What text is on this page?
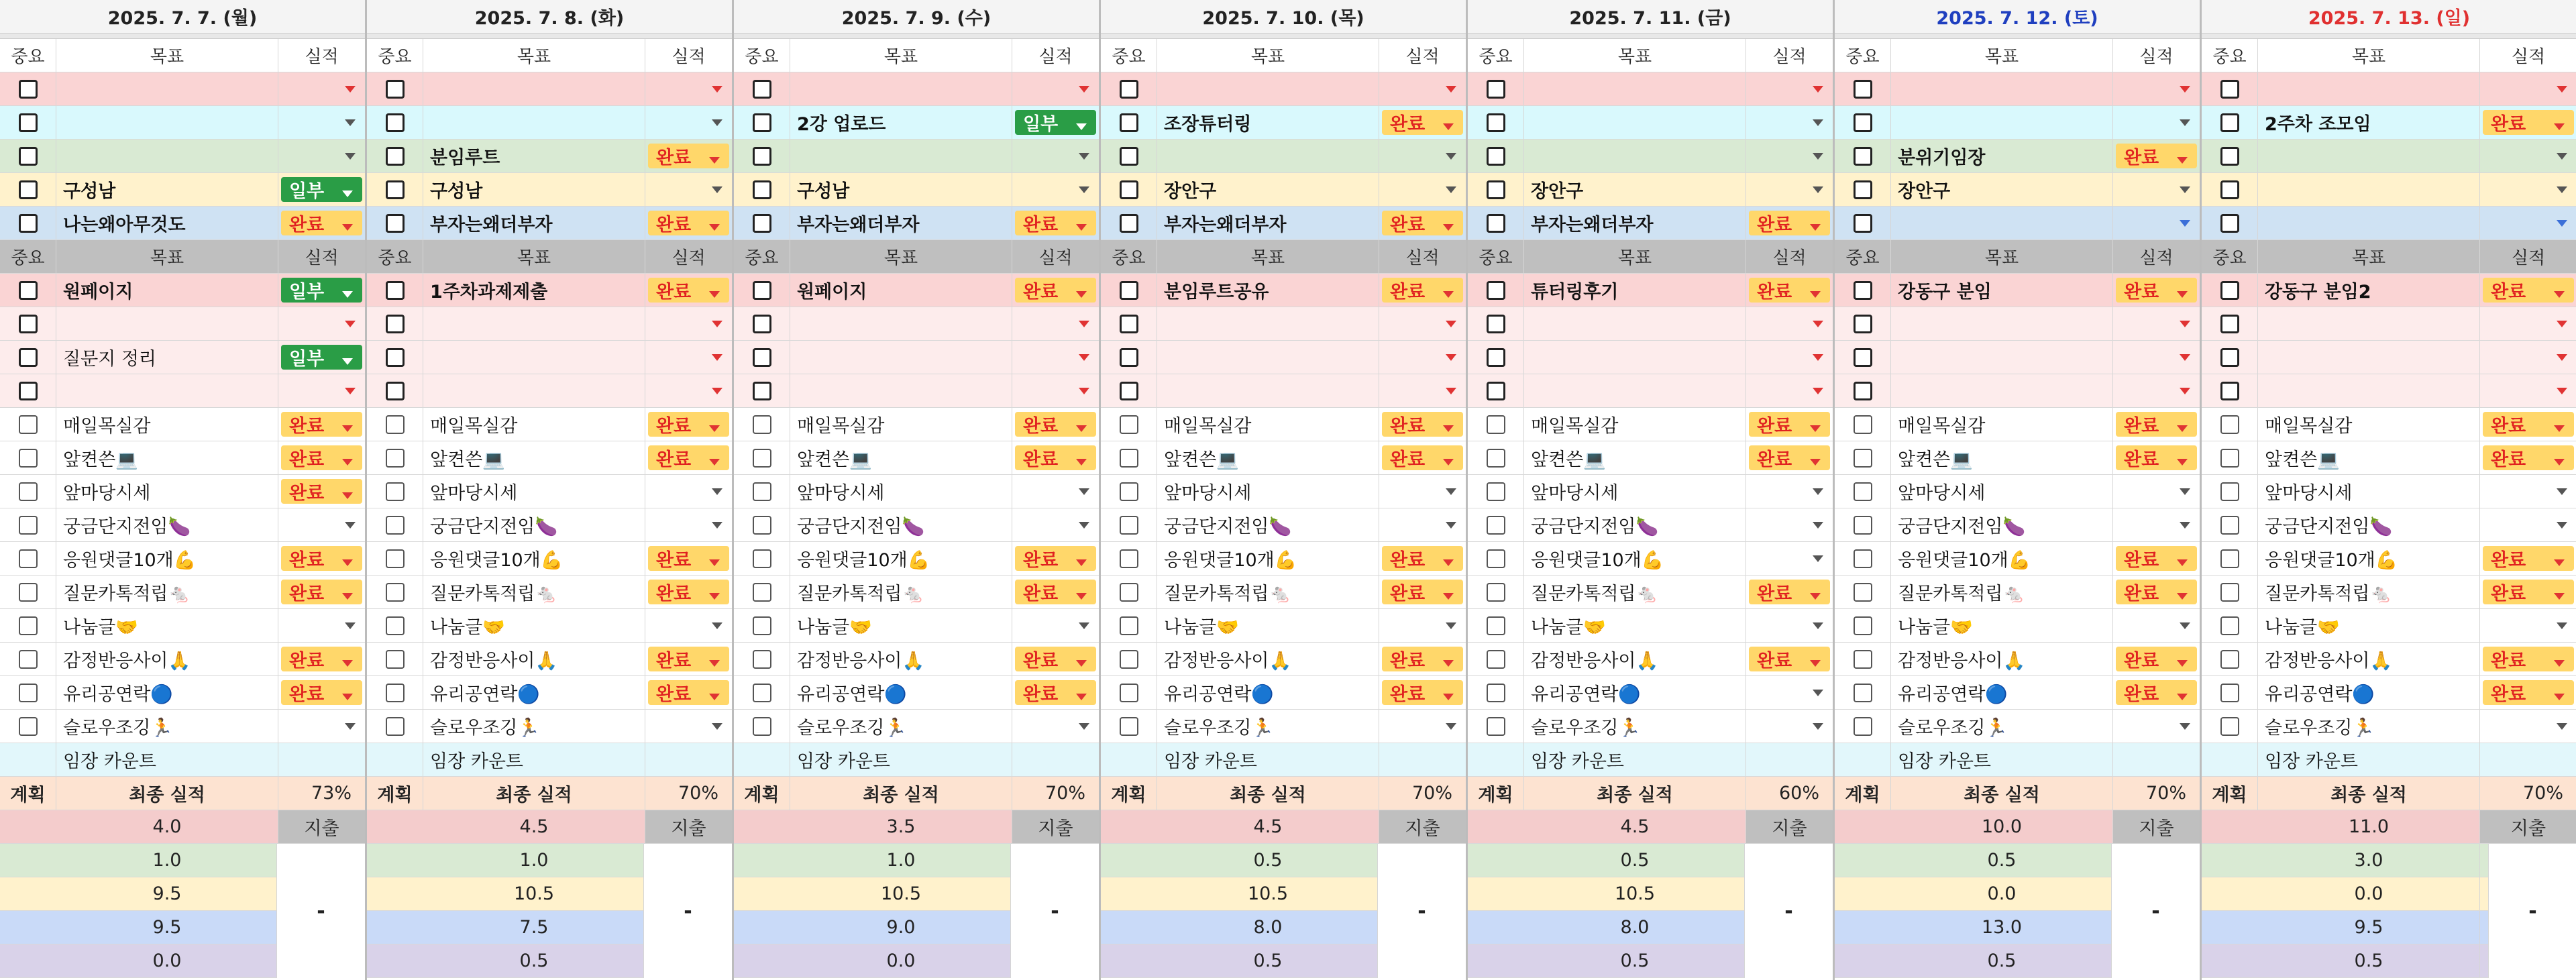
2025. 7. 7. (월)
중요	목표	실적
구성남	일부
나는왜아무것도	완료
중요	목표	실적
원페이지	일부
질문지 정리	일부
매일목실감	완료
앞켠쓴💻	완료
앞마당시세	완료
궁금단지전임🍆
응원댓글10개💪	완료
질문카톡적립🐁	완료
나눔글🤝
감정반응사이🙏	완료
유리공연락🔵	완료
슬로우조깅🏃
임장 카운트
계획	최종 실적	73%
4.0	지출
1.0
9.5
9.5
0.0
-
2025. 7. 8. (화)
중요	목표	실적
분임루트	완료
구성남
부자는왜더부자	완료
중요	목표	실적
1주차과제제출	완료
매일목실감	완료
앞켠쓴💻	완료
앞마당시세
궁금단지전임🍆
응원댓글10개💪	완료
질문카톡적립🐁	완료
나눔글🤝
감정반응사이🙏	완료
유리공연락🔵	완료
슬로우조깅🏃
임장 카운트
계획	최종 실적	70%
4.5	지출
1.0
10.5
7.5
0.5
-
2025. 7. 9. (수)
중요	목표	실적
2강 업로드	일부
구성남
부자는왜더부자	완료
중요	목표	실적
원페이지	완료
매일목실감	완료
앞켠쓴💻	완료
앞마당시세
궁금단지전임🍆
응원댓글10개💪	완료
질문카톡적립🐁	완료
나눔글🤝
감정반응사이🙏	완료
유리공연락🔵	완료
슬로우조깅🏃
임장 카운트
계획	최종 실적	70%
3.5	지출
1.0
10.5
9.0
0.0
-
2025. 7. 10. (목)
중요	목표	실적
조장튜터링	완료
장안구
부자는왜더부자	완료
중요	목표	실적
분임루트공유	완료
매일목실감	완료
앞켠쓴💻	완료
앞마당시세
궁금단지전임🍆
응원댓글10개💪	완료
질문카톡적립🐁	완료
나눔글🤝
감정반응사이🙏	완료
유리공연락🔵	완료
슬로우조깅🏃
임장 카운트
계획	최종 실적	70%
4.5	지출
0.5
10.5
8.0
0.5
-
2025. 7. 11. (금)
중요	목표	실적
장안구
부자는왜더부자	완료
중요	목표	실적
튜터링후기	완료
매일목실감	완료
앞켠쓴💻	완료
앞마당시세
궁금단지전임🍆
응원댓글10개💪
질문카톡적립🐁	완료
나눔글🤝
감정반응사이🙏	완료
유리공연락🔵
슬로우조깅🏃
임장 카운트
계획	최종 실적	60%
4.5	지출
0.5
10.5
8.0
0.5
-
2025. 7. 12. (토)
중요	목표	실적
분위기임장	완료
장안구
중요	목표	실적
강동구 분임	완료
매일목실감	완료
앞켠쓴💻	완료
앞마당시세
궁금단지전임🍆
응원댓글10개💪	완료
질문카톡적립🐁	완료
나눔글🤝
감정반응사이🙏	완료
유리공연락🔵	완료
슬로우조깅🏃
임장 카운트
계획	최종 실적	70%
10.0	지출
0.5
0.0
13.0
0.5
-
2025. 7. 13. (일)
중요	목표	실적
2주차 조모임	완료
중요	목표	실적
강동구 분임2	완료
매일목실감	완료
앞켠쓴💻	완료
앞마당시세
궁금단지전임🍆
응원댓글10개💪	완료
질문카톡적립🐁	완료
나눔글🤝
감정반응사이🙏	완료
유리공연락🔵	완료
슬로우조깅🏃
임장 카운트
계획	최종 실적	70%
11.0	지출
3.0
0.0
9.5
0.5
-
